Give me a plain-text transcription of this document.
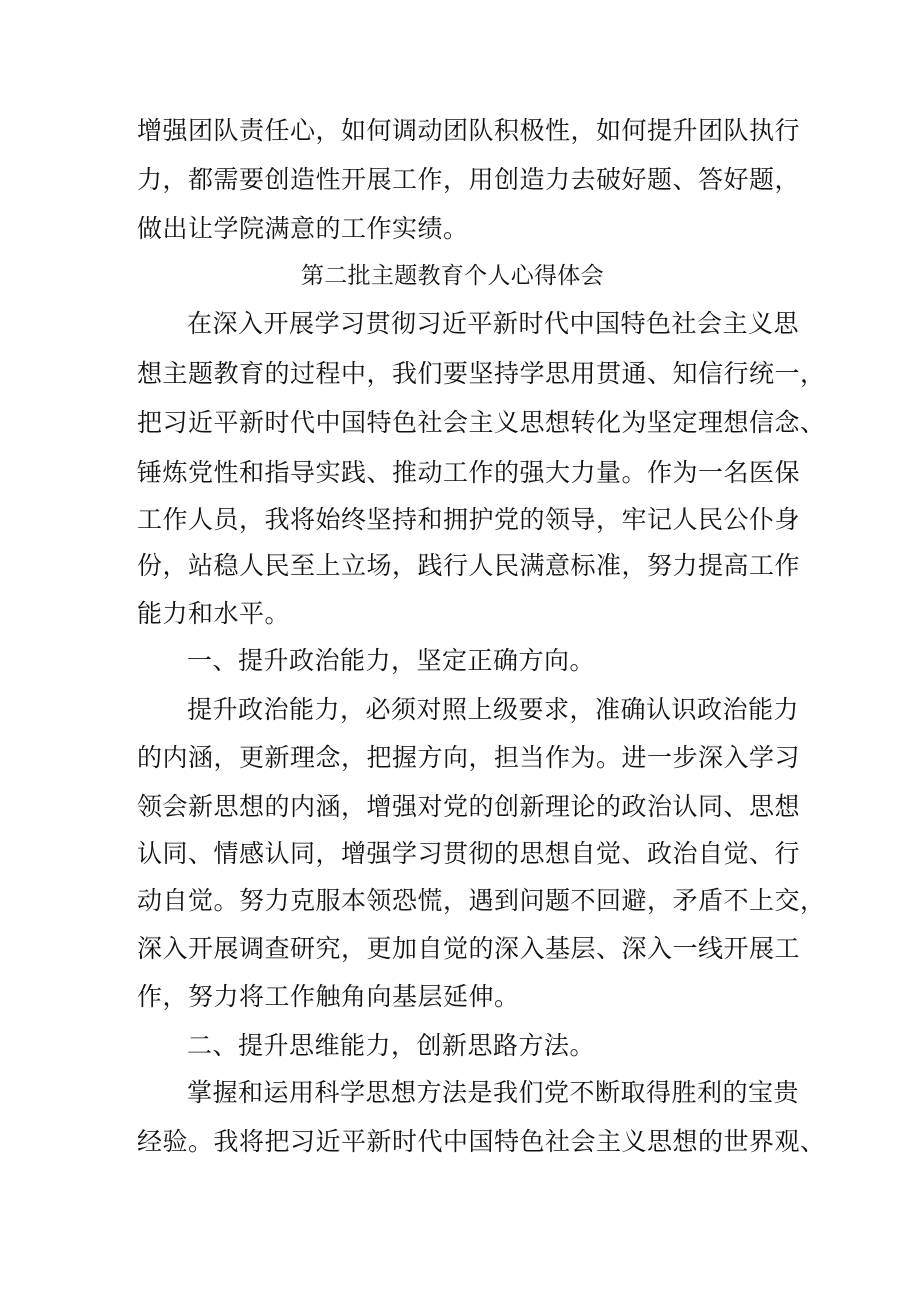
增强团队责任心，如何调动团队积极性，如何提升团队执行
力，都需要创造性开展工作，用创造力去破好题、答好题，
做出让学院满意的工作实绩。
第二批主题教育个人心得体会
在深入开展学习贯彻习近平新时代中国特色社会主义思
想主题教育的过程中，我们要坚持学思用贯通、知信行统一，
把习近平新时代中国特色社会主义思想转化为坚定理想信念、
锤炼党性和指导实践、推动工作的强大力量。作为一名医保
工作人员，我将始终坚持和拥护党的领导，牢记人民公仆身
份，站稳人民至上立场，践行人民满意标准，努力提高工作
能力和水平。
一、提升政治能力，坚定正确方向。
提升政治能力，必须对照上级要求，准确认识政治能力
的内涵，更新理念，把握方向，担当作为。进一步深入学习
领会新思想的内涵，增强对党的创新理论的政治认同、思想
认同、情感认同，增强学习贯彻的思想自觉、政治自觉、行
动自觉。努力克服本领恐慌，遇到问题不回避，矛盾不上交，
深入开展调查研究，更加自觉的深入基层、深入一线开展工
作，努力将工作触角向基层延伸。
二、提升思维能力，创新思路方法。
掌握和运用科学思想方法是我们党不断取得胜利的宝贵
经验。我将把习近平新时代中国特色社会主义思想的世界观、
